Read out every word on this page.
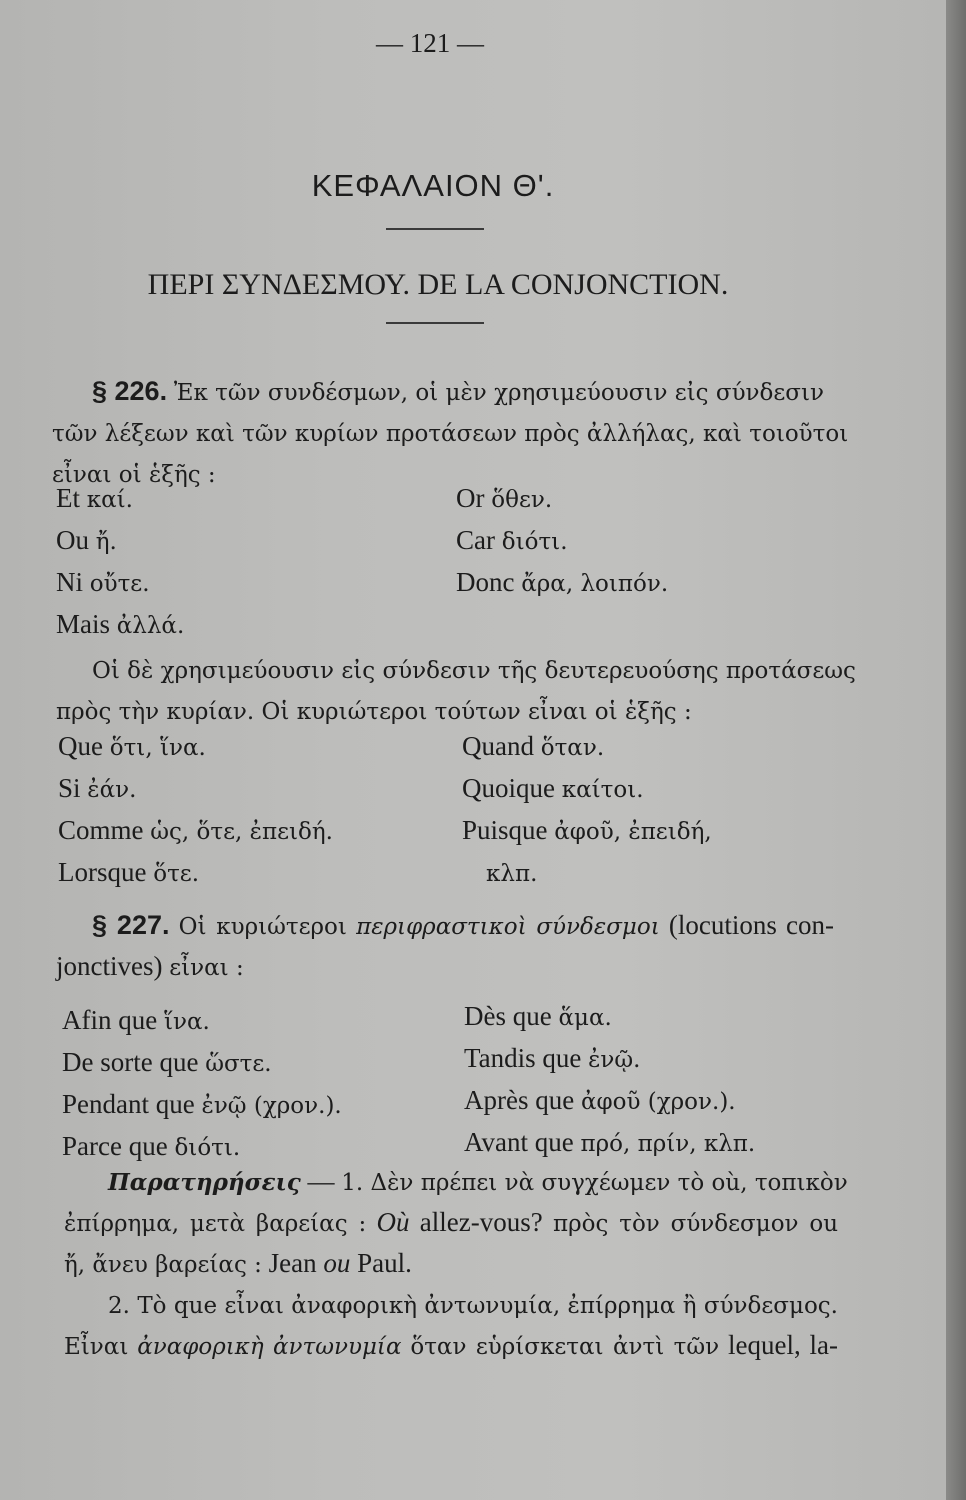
— 121 —
ΚΕΦΑΛΑΙΟΝ Θʹ.
ΠΕΡΙ ΣΥΝΔΕΣΜΟΥ. DE LA CONJONCTION.
§ 226. Ἐκ τῶν συνδέσμων, οἱ μὲν χρησιμεύουσιν εἰς σύνδεσιν
τῶν λέξεων καὶ τῶν κυρίων προτάσεων πρὸς ἀλλήλας, καὶ τοιοῦτοι
εἶναι οἱ ἑξῆς :
Et καί.
Ou ἤ.
Ni οὔτε.
Mais ἀλλά.
Or ὅθεν.
Car διότι.
Donc ἄρα, λοιπόν.
Οἱ δὲ χρησιμεύουσιν εἰς σύνδεσιν τῆς δευτερευούσης προτάσεως
πρὸς τὴν κυρίαν. Οἱ κυριώτεροι τούτων εἶναι οἱ ἑξῆς :
Que ὅτι, ἵνα.
Si ἐάν.
Comme ὡς, ὅτε, ἐπειδή.
Lorsque ὅτε.
Quand ὅταν.
Quoique καίτοι.
Puisque ἀφοῦ, ἐπειδή,
κλπ.
§ 227. Οἱ κυριώτεροι περιφραστικοὶ σύνδεσμοι (locutions con-
jonctives) εἶναι :
Afin que ἵνα.
De sorte que ὥστε.
Pendant que ἐνῷ (χρον.).
Parce que διότι.
Dès que ἅμα.
Tandis que ἐνῷ.
Après que ἀφοῦ (χρον.).
Avant que πρό, πρίν, κλπ.
Παρατηρήσεις — 1. Δὲν πρέπει νὰ συγχέωμεν τὸ où, τοπικὸν
ἐπίρρημα, μετὰ βαρείας : Où allez-vous? πρὸς τὸν σύνδεσμον ou
ἤ, ἄνευ βαρείας : Jean ou Paul.
2. Τὸ que εἶναι ἀναφορικὴ ἀντωνυμία, ἐπίρρημα ἢ σύνδεσμος.
Εἶναι ἀναφορικὴ ἀντωνυμία ὅταν εὑρίσκεται ἀντὶ τῶν lequel, la-
